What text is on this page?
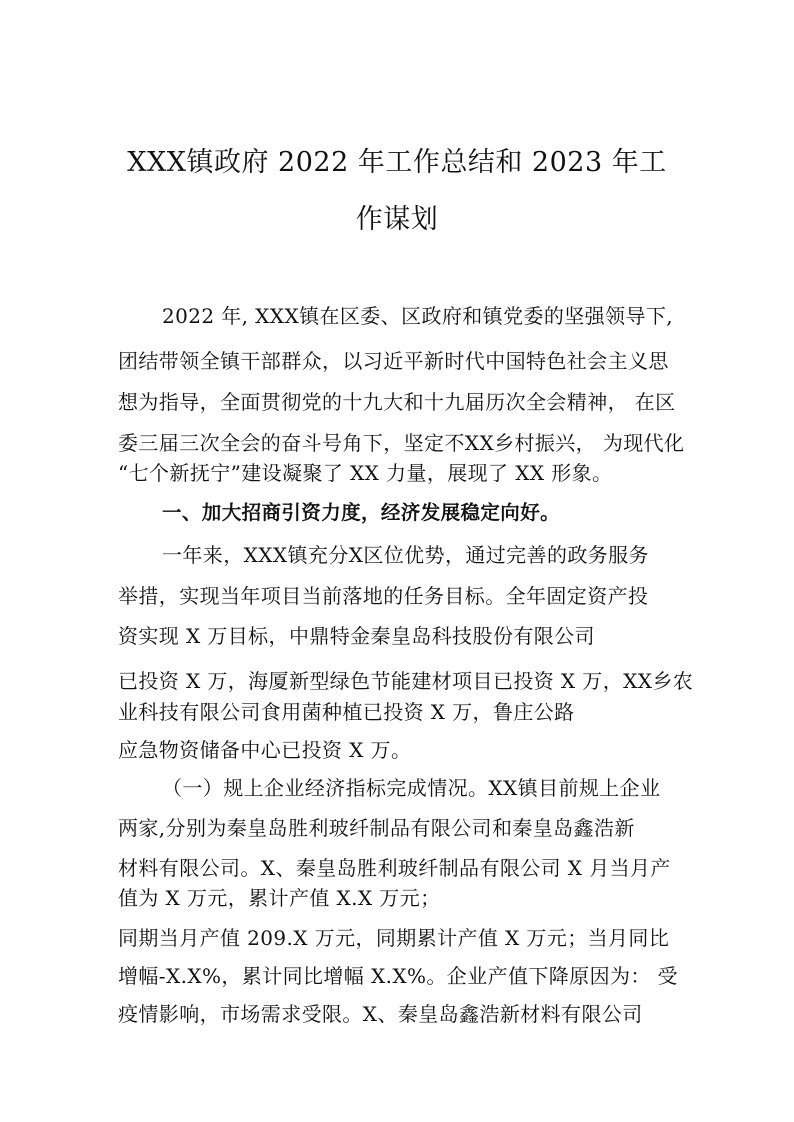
XXX镇政府 2022 年工作总结和 2023 年工
作谋划
2022 年, XXX镇在区委、区政府和镇党委的坚强领导下,
团结带领全镇干部群众，以习近平新时代中国特色社会主义思
想为指导，全面贯彻党的十九大和十九届历次全会精神， 在区
委三届三次全会的奋斗号角下，坚定不XX乡村振兴， 为现代化
“七个新抚宁”建设凝聚了 XX 力量，展现了 XX 形象。
一、加大招商引资力度，经济发展稳定向好。
一年来，XXX镇充分X区位优势，通过完善的政务服务
举措，实现当年项目当前落地的任务目标。全年固定资产投
资实现 X 万目标，中鼎特金秦皇岛科技股份有限公司
已投资 X 万，海厦新型绿色节能建材项目已投资 X 万，XX乡农
业科技有限公司食用菌种植已投资 X 万，鲁庄公路
应急物资储备中心已投资 X 万。
（一）规上企业经济指标完成情况。XX镇目前规上企业
两家,分别为秦皇岛胜利玻纤制品有限公司和秦皇岛鑫浩新
材料有限公司。X、秦皇岛胜利玻纤制品有限公司 X 月当月产
值为 X 万元，累计产值 X.X 万元；
同期当月产值 209.X 万元，同期累计产值 X 万元；当月同比
增幅-X.X%，累计同比增幅 X.X%。企业产值下降原因为： 受
疫情影响，市场需求受限。X、秦皇岛鑫浩新材料有限公司
